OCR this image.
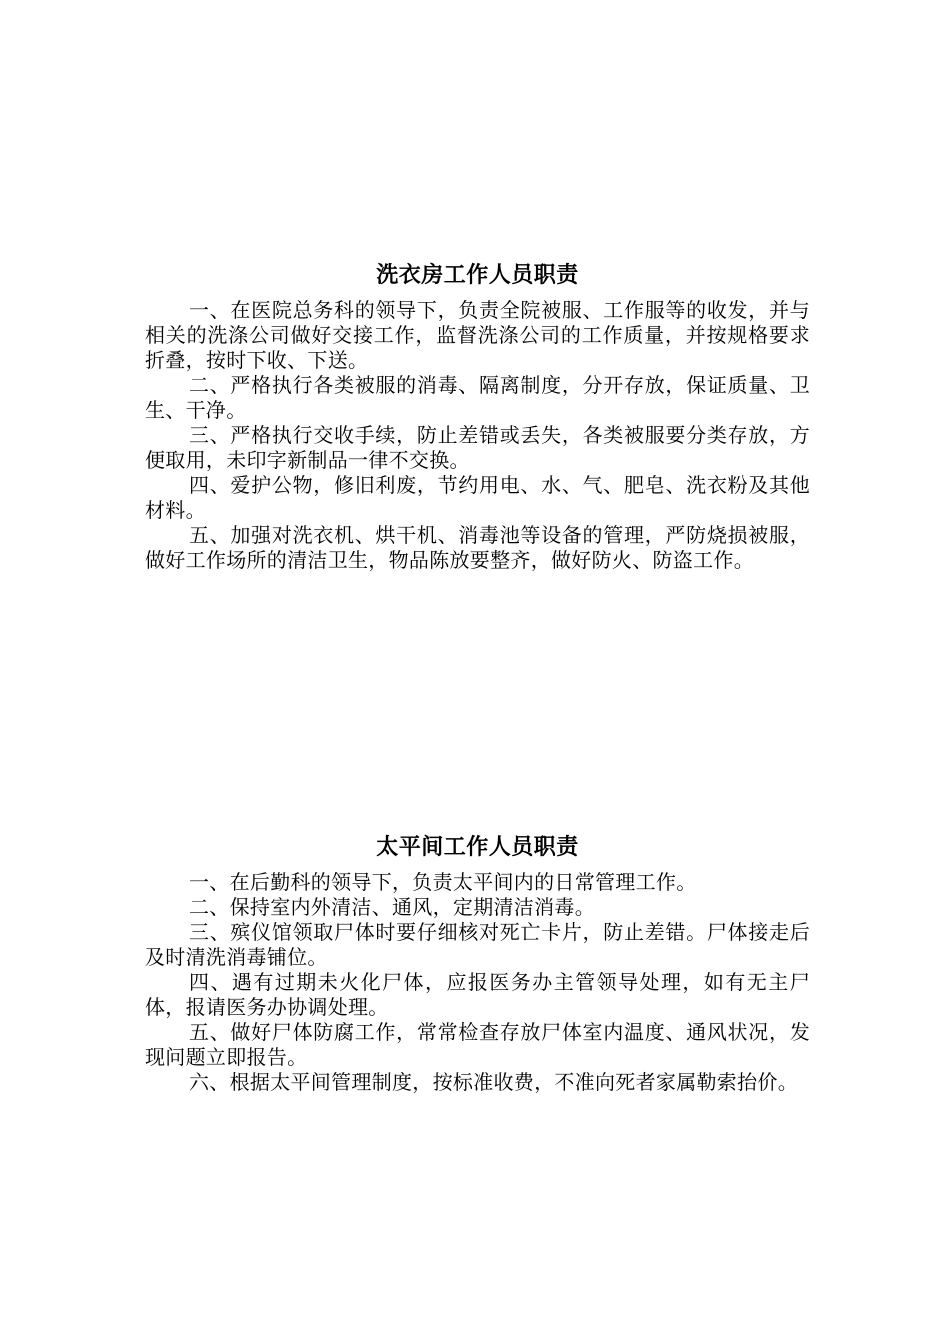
洗衣房工作人员职责

一、在医院总务科的领导下，负责全院被服、工作服等的收发，并与相关的洗涤公司做好交接工作，监督洗涤公司的工作质量，并按规格要求折叠，按时下收、下送。

二、严格执行各类被服的消毒、隔离制度，分开存放，保证质量、卫生、干净。

三、严格执行交收手续，防止差错或丢失，各类被服要分类存放，方便取用，未印字新制品一律不交换。

四、爱护公物，修旧利废，节约用电、水、气、肥皂、洗衣粉及其他材料。

五、加强对洗衣机、烘干机、消毒池等设备的管理，严防烧损被服，做好工作场所的清洁卫生，物品陈放要整齐，做好防火、防盗工作。

太平间工作人员职责

一、在后勤科的领导下，负责太平间内的日常管理工作。

二、保持室内外清洁、通风，定期清洁消毒。

三、殡仪馆领取尸体时要仔细核对死亡卡片，防止差错。尸体接走后及时清洗消毒铺位。

四、遇有过期未火化尸体，应报医务办主管领导处理，如有无主尸体，报请医务办协调处理。

五、做好尸体防腐工作，常常检查存放尸体室内温度、通风状况，发现问题立即报告。

六、根据太平间管理制度，按标准收费，不准向死者家属勒索抬价。
